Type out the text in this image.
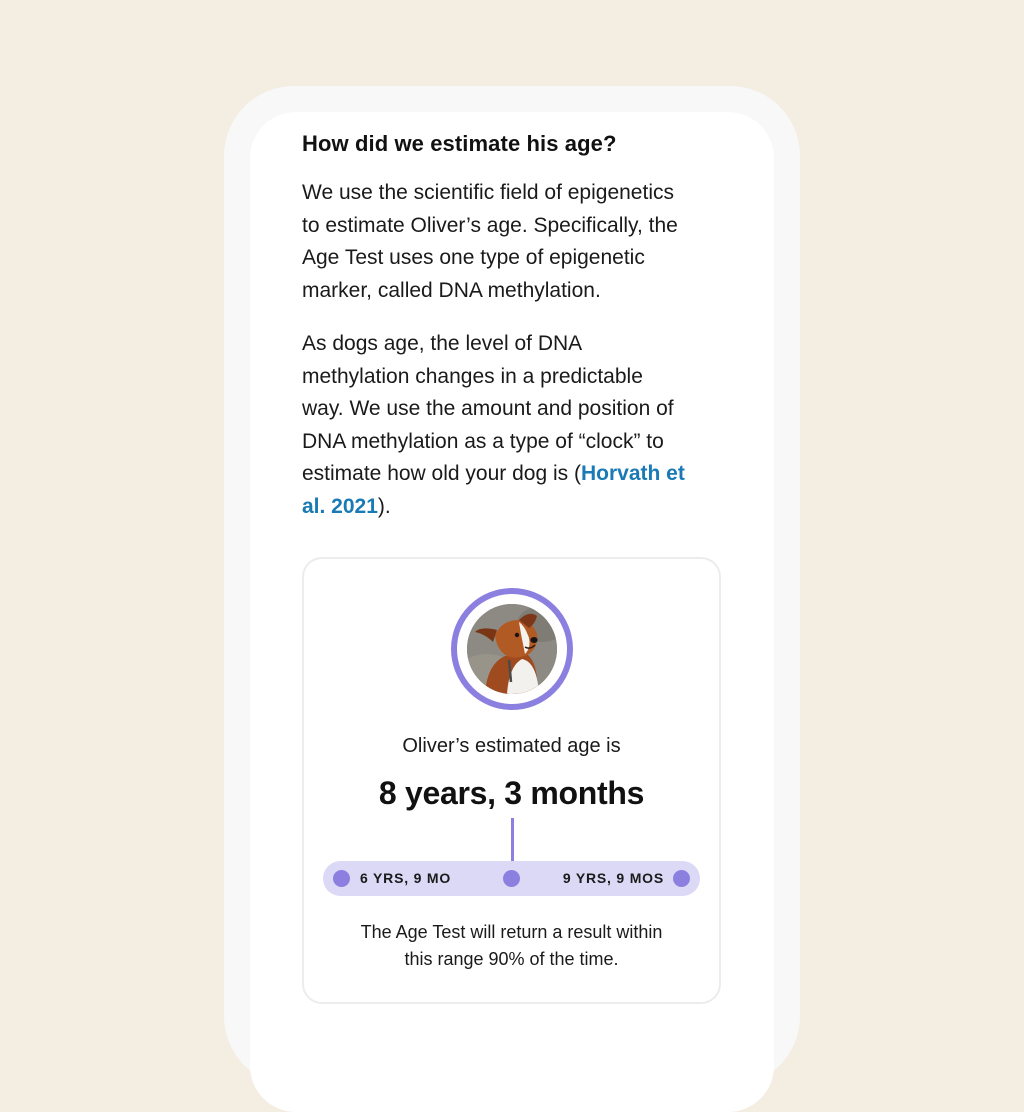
How did we estimate his age?

We use the scientific field of epigenetics
to estimate Oliver’s age. Specifically, the
Age Test uses one type of epigenetic
marker, called DNA methylation.

As dogs age, the level of DNA
methylation changes in a predictable
way. We use the amount and position of
DNA methylation as a type of “clock” to
estimate how old your dog is (Horvath et
al. 2021).

Oliver’s estimated age is
8 years, 3 months
6 YRS, 9 MO	9 YRS, 9 MOS
The Age Test will return a result within
this range 90% of the time.
